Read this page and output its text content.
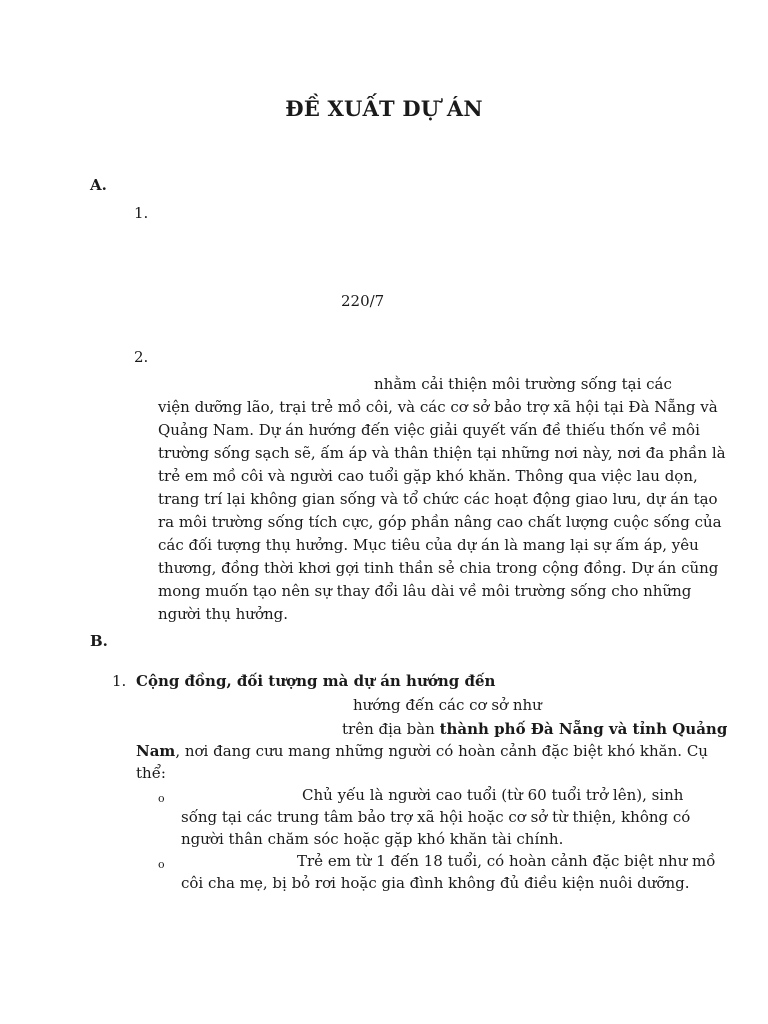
ĐỀ XUẤT DỰ ÁN
A.
1.
220/7
2.
nhằm cải thiện môi trường sống tại các
viện dưỡng lão, trại trẻ mồ côi, và các cơ sở bảo trợ xã hội tại Đà Nẵng và
Quảng Nam. Dự án hướng đến việc giải quyết vấn đề thiếu thốn về môi
trường sống sạch sẽ, ấm áp và thân thiện tại những nơi này, nơi đa phần là
trẻ em mồ côi và người cao tuổi gặp khó khăn. Thông qua việc lau dọn,
trang trí lại không gian sống và tổ chức các hoạt động giao lưu, dự án tạo
ra môi trường sống tích cực, góp phần nâng cao chất lượng cuộc sống của
các đối tượng thụ hưởng. Mục tiêu của dự án là mang lại sự ấm áp, yêu
thương, đồng thời khơi gợi tinh thần sẻ chia trong cộng đồng. Dự án cũng
mong muốn tạo nên sự thay đổi lâu dài về môi trường sống cho những
người thụ hưởng.
B.
1. Cộng đồng, đối tượng mà dự án hướng đến
hướng đến các cơ sở như
trên địa bàn thành phố Đà Nẵng và tỉnh Quảng
Nam, nơi đang cưu mang những người có hoàn cảnh đặc biệt khó khăn. Cụ
thể:
o	Chủ yếu là người cao tuổi (từ 60 tuổi trở lên), sinh
sống tại các trung tâm bảo trợ xã hội hoặc cơ sở từ thiện, không có
người thân chăm sóc hoặc gặp khó khăn tài chính.
o	Trẻ em từ 1 đến 18 tuổi, có hoàn cảnh đặc biệt như mồ
côi cha mẹ, bị bỏ rơi hoặc gia đình không đủ điều kiện nuôi dưỡng.
